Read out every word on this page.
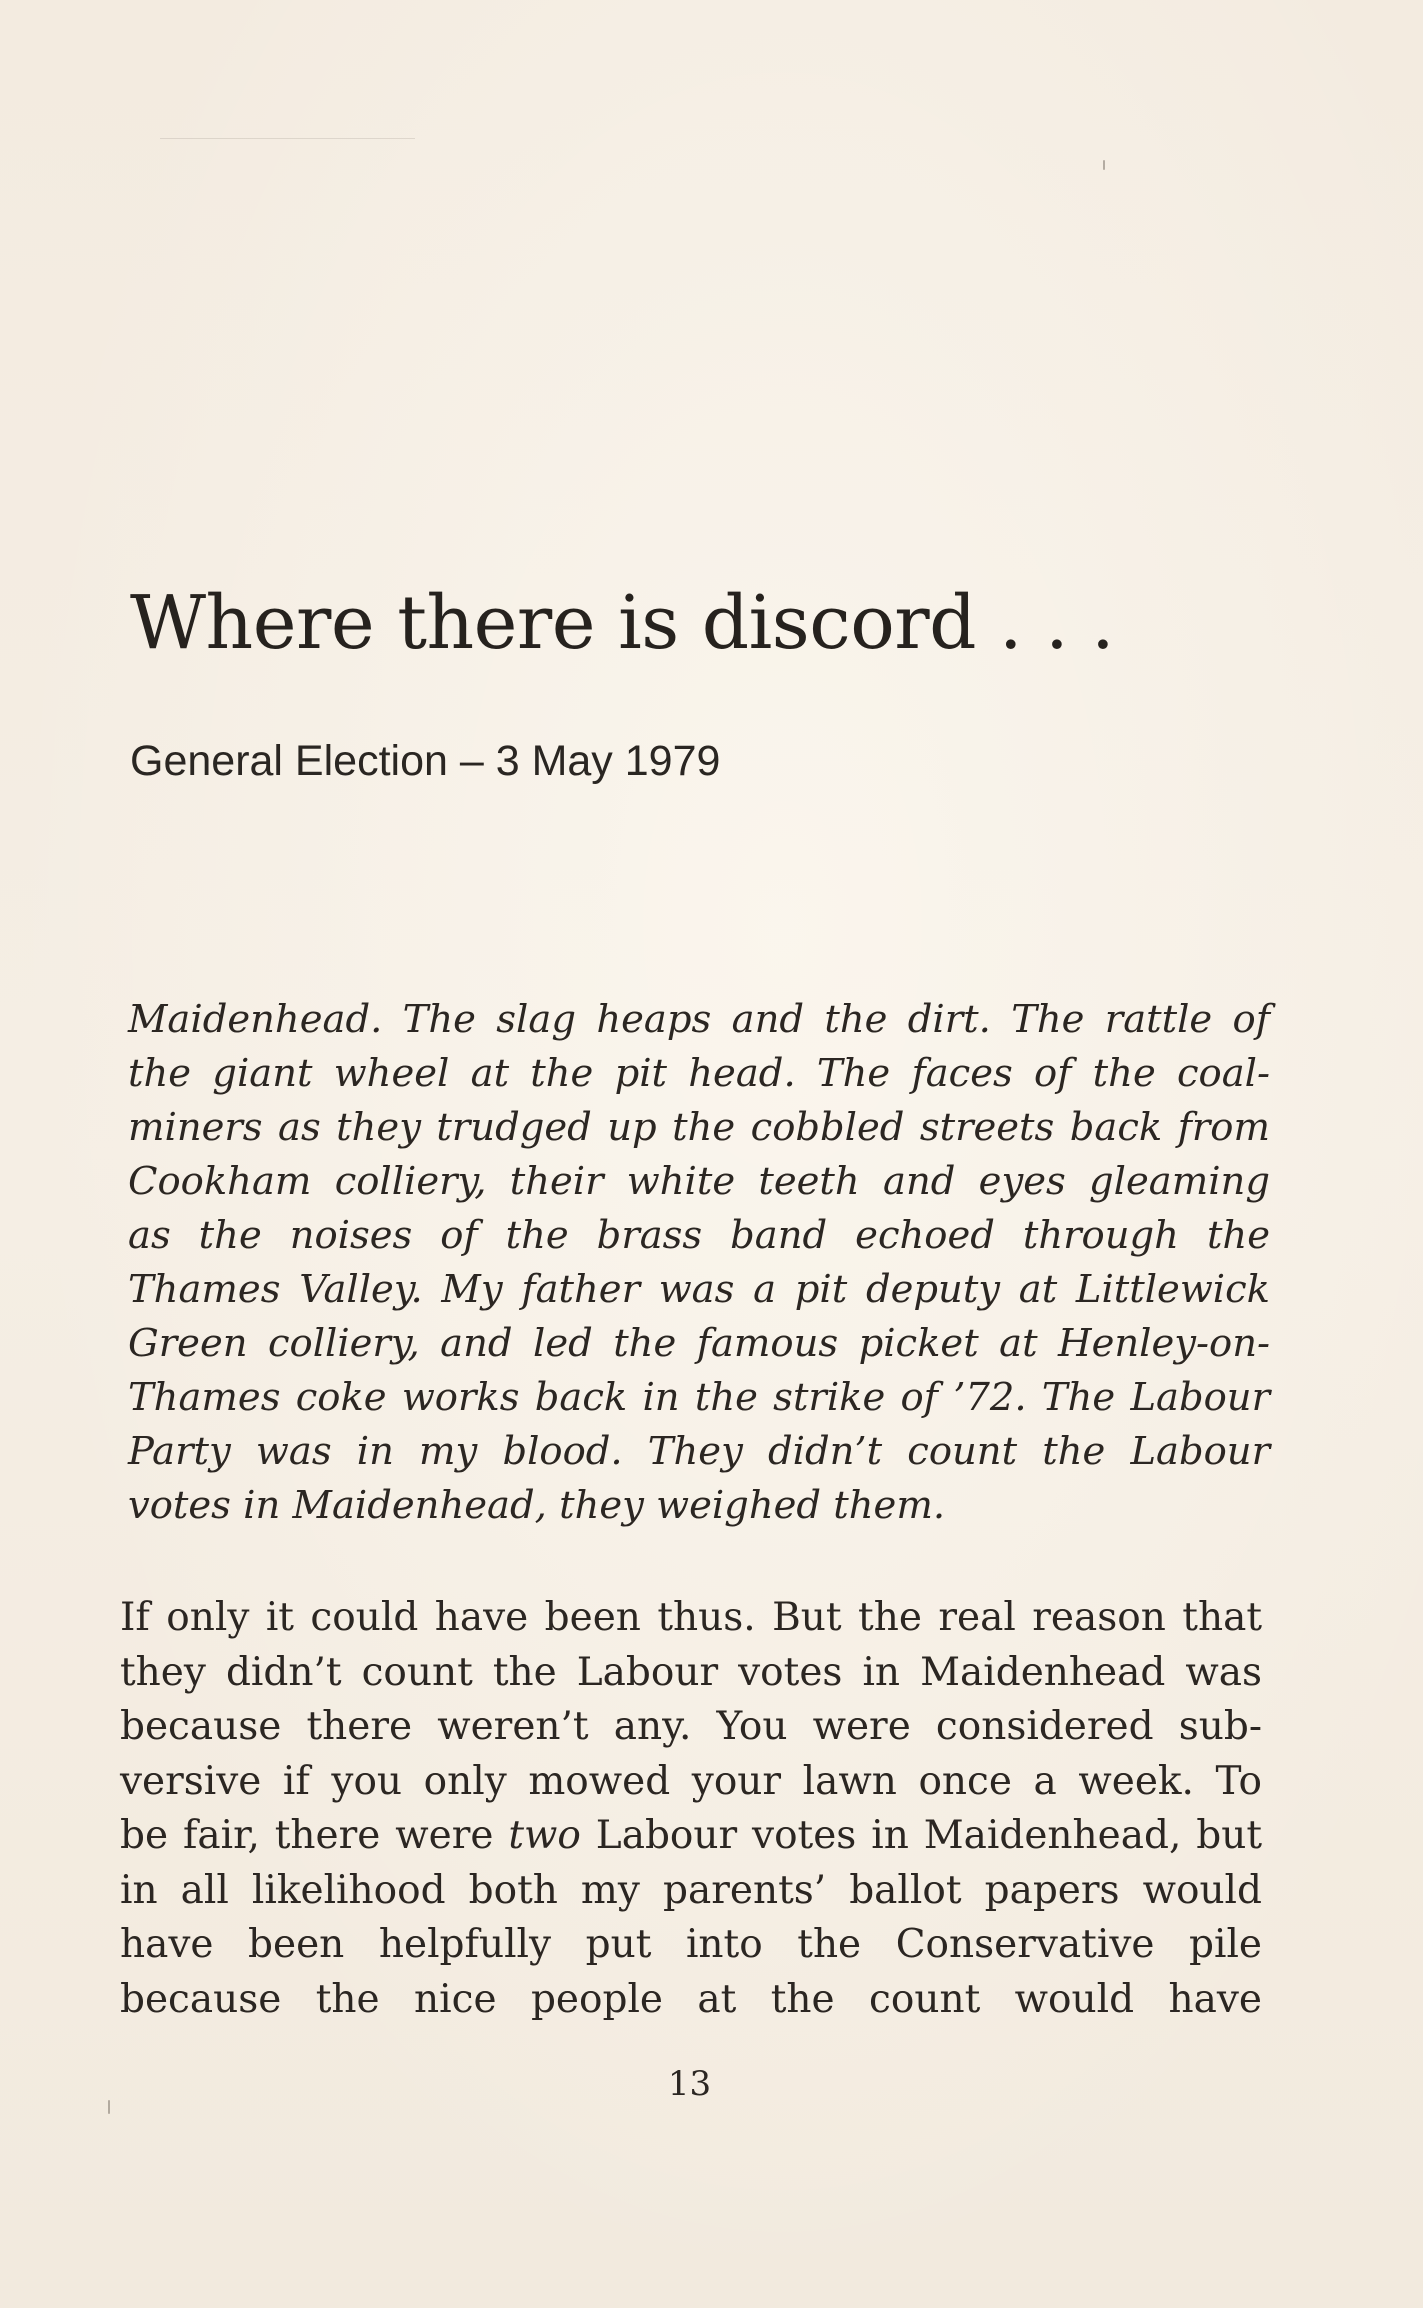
Where there is discord . . .
General Election – 3 May 1979
Maidenhead. The slag heaps and the dirt. The rattle of
the giant wheel at the pit head. The faces of the coal-
miners as they trudged up the cobbled streets back from
Cookham colliery, their white teeth and eyes gleaming
as the noises of the brass band echoed through the
Thames Valley. My father was a pit deputy at Littlewick
Green colliery, and led the famous picket at Henley-on-
Thames coke works back in the strike of ’72. The Labour
Party was in my blood. They didn’t count the Labour
votes in Maidenhead, they weighed them.
If only it could have been thus. But the real reason that
they didn’t count the Labour votes in Maidenhead was
because there weren’t any. You were considered sub-
versive if you only mowed your lawn once a week. To
be fair, there were two Labour votes in Maidenhead, but
in all likelihood both my parents’ ballot papers would
have been helpfully put into the Conservative pile
because the nice people at the count would have
13
